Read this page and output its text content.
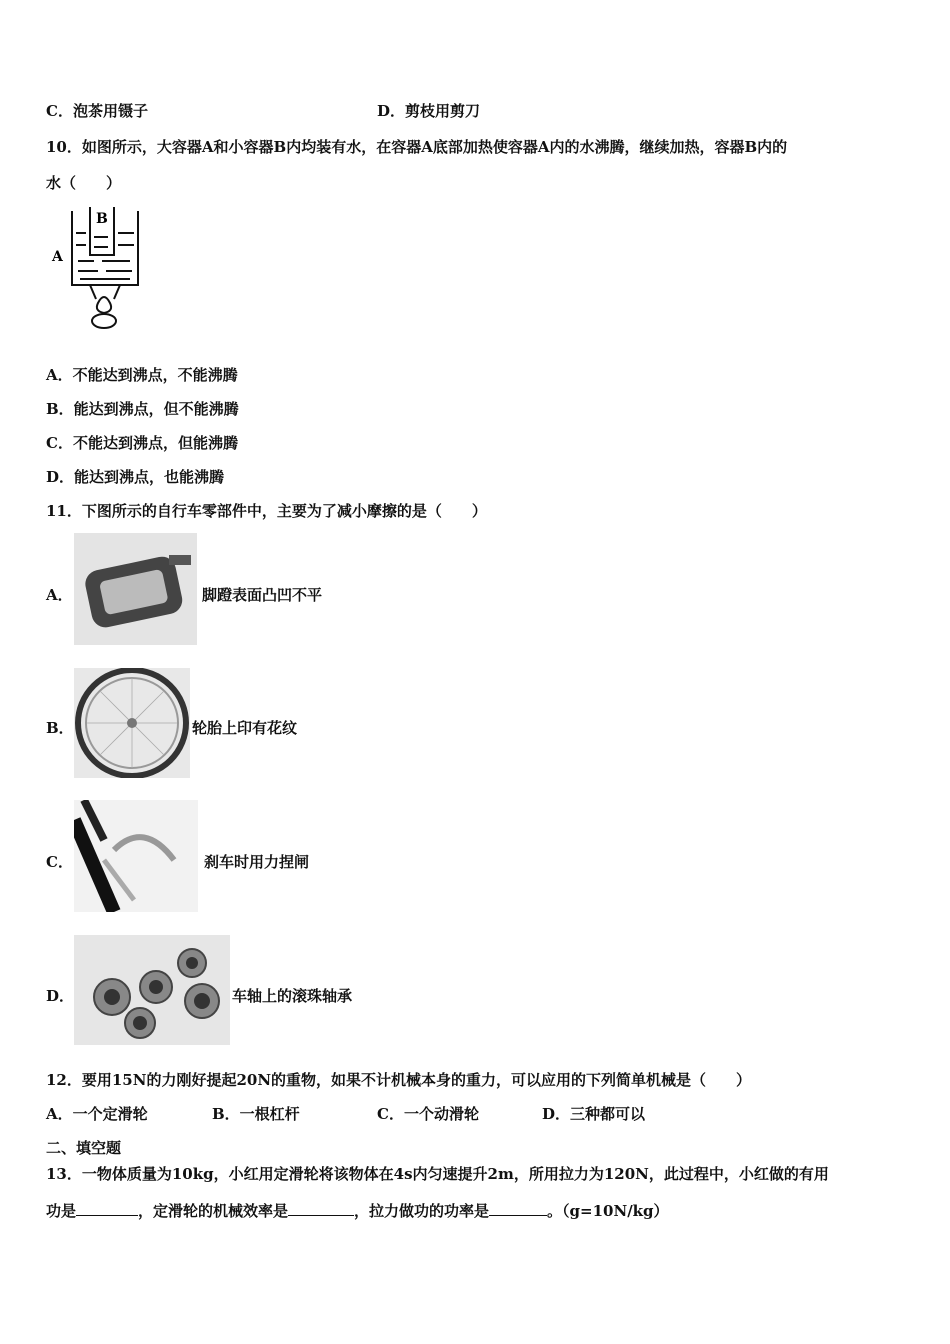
C．泡茶用镊子	D．剪枝用剪刀
10．如图所示，大容器A和小容器B内均装有水，在容器A底部加热使容器A内的水沸腾，继续加热，容器B内的
水（　　）
A
B
A．不能达到沸点，不能沸腾
B．能达到沸点，但不能沸腾
C．不能达到沸点，但能沸腾
D．能达到沸点，也能沸腾
11．下图所示的自行车零部件中，主要为了减小摩擦的是（　　）
A．	脚蹬表面凸凹不平
B．	轮胎上印有花纹
C．	刹车时用力捏闸
D．	车轴上的滚珠轴承
12．要用15N的力刚好提起20N的重物，如果不计机械本身的重力，可以应用的下列简单机械是（　　）
A．一个定滑轮	B．一根杠杆	C．一个动滑轮	D．三种都可以
二、填空题
13．一物体质量为10kg，小红用定滑轮将该物体在4s内匀速提升2m，所用拉力为120N，此过程中，小红做的有用
功是	，定滑轮的机械效率是	，拉力做功的功率是	。（g=10N/kg）
